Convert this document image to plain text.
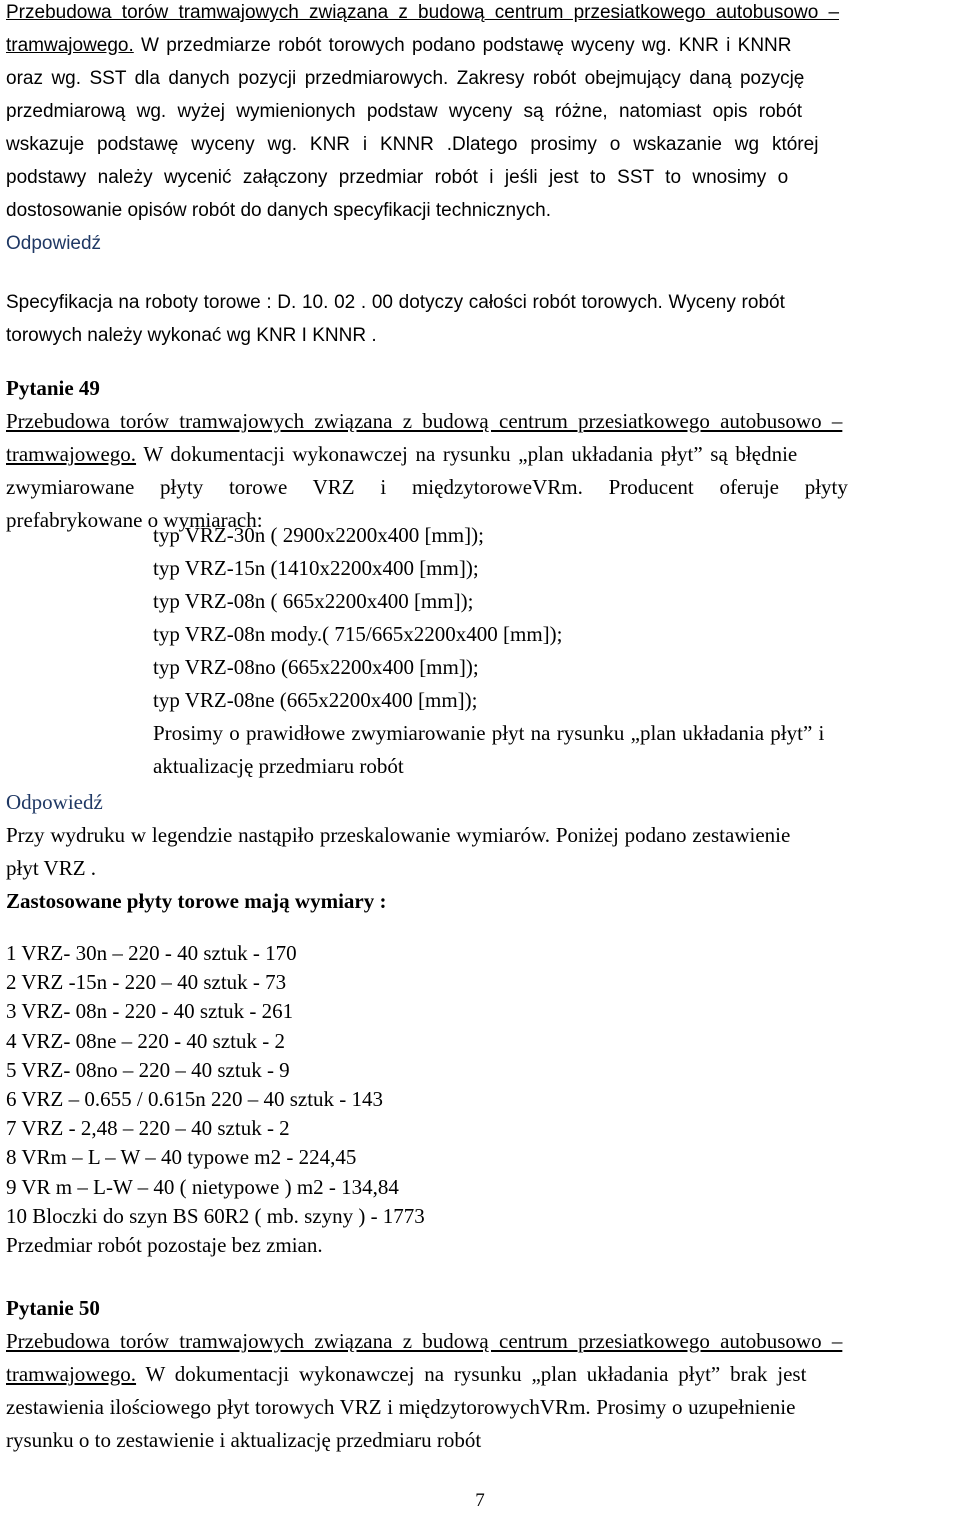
Przebudowa torów tramwajowych związana z budową centrum przesiatkowego autobusowo –
tramwajowego. W przedmiarze robót torowych podano podstawę wyceny wg. KNR i KNNR
oraz wg. SST dla danych pozycji przedmiarowych. Zakresy robót obejmujący daną pozycję
przedmiarową wg. wyżej wymienionych podstaw wyceny są różne, natomiast opis robót
wskazuje podstawę wyceny wg. KNR i KNNR .Dlatego prosimy o wskazanie wg której
podstawy należy wycenić załączony przedmiar robót i jeśli jest to SST to wnosimy o
dostosowanie opisów robót do danych specyfikacji technicznych.
Odpowiedź
Specyfikacja na roboty torowe : D. 10. 02 . 00 dotyczy całości robót torowych. Wyceny robót
torowych należy wykonać wg KNR I KNNR .
Pytanie 49
Przebudowa torów tramwajowych związana z budową centrum przesiatkowego autobusowo –
tramwajowego. W dokumentacji wykonawczej na rysunku „plan układania płyt” są błędnie
zwymiarowane płyty torowe VRZ i międzytoroweVRm. Producent oferuje płyty
prefabrykowane o wymiarach:
typ VRZ-30n ( 2900x2200x400 [mm]);
typ VRZ-15n (1410x2200x400 [mm]);
typ VRZ-08n ( 665x2200x400 [mm]);
typ VRZ-08n mody.( 715/665x2200x400 [mm]);
typ VRZ-08no (665x2200x400 [mm]);
typ VRZ-08ne (665x2200x400 [mm]);
Prosimy o prawidłowe zwymiarowanie płyt na rysunku „plan układania płyt” i
aktualizację przedmiaru robót
Odpowiedź
Przy wydruku w legendzie nastąpiło przeskalowanie wymiarów. Poniżej podano zestawienie
płyt VRZ .
Zastosowane płyty torowe mają wymiary :
1 VRZ- 30n – 220 - 40 sztuk - 170
2 VRZ -15n - 220 – 40 sztuk - 73
3 VRZ- 08n - 220 - 40 sztuk - 261
4 VRZ- 08ne – 220 - 40 sztuk - 2
5 VRZ- 08no – 220 – 40 sztuk - 9
6 VRZ – 0.655 / 0.615n 220 – 40 sztuk - 143
7 VRZ - 2,48 – 220 – 40 sztuk - 2
8 VRm – L – W – 40 typowe m2 - 224,45
9 VR m – L-W – 40 ( nietypowe ) m2 - 134,84
10 Bloczki do szyn BS 60R2 ( mb. szyny ) - 1773
Przedmiar robót pozostaje bez zmian.
Pytanie 50
Przebudowa torów tramwajowych związana z budową centrum przesiatkowego autobusowo –
tramwajowego. W dokumentacji wykonawczej na rysunku „plan układania płyt” brak jest
zestawienia ilościowego płyt torowych VRZ i międzytorowychVRm. Prosimy o uzupełnienie
rysunku o to zestawienie i aktualizację przedmiaru robót
7
